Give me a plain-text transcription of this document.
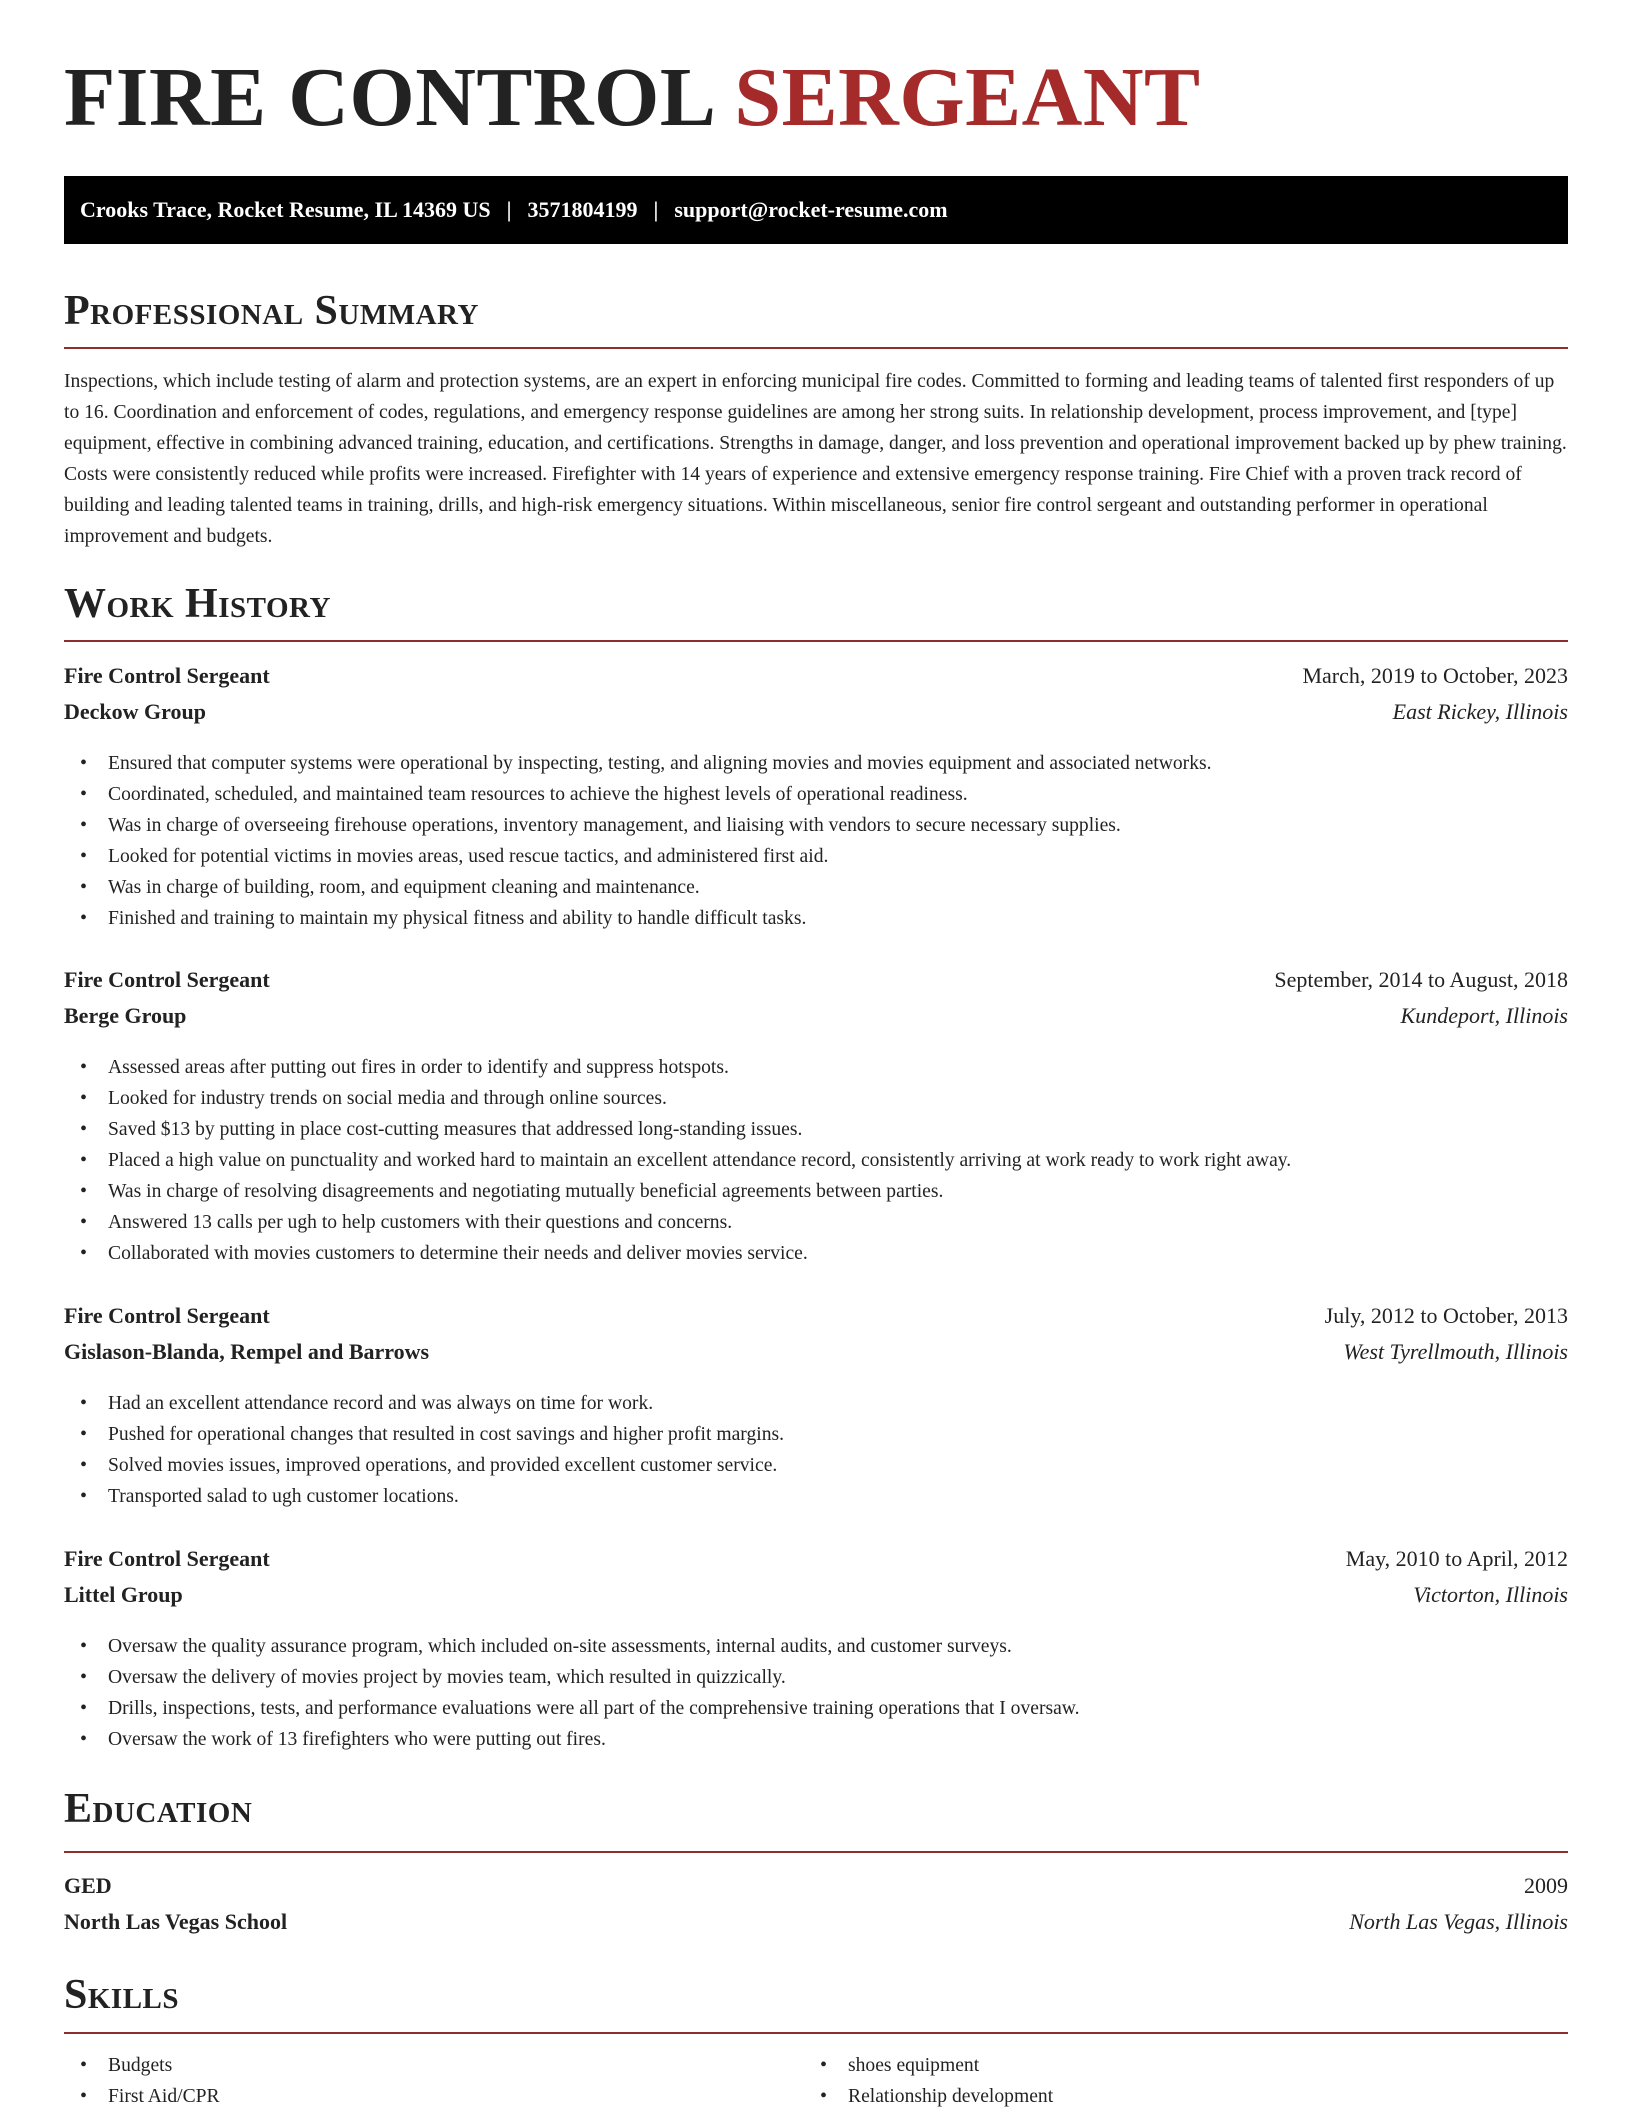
FIRE CONTROL SERGEANT
Crooks Trace, Rocket Resume, IL 14369 US | 3571804199 | support@rocket-resume.com
Professional Summary

Inspections, which include testing of alarm and protection systems, are an expert in enforcing municipal fire codes. Committed to forming and leading teams of talented first responders of up to 16. Coordination and enforcement of codes, regulations, and emergency response guidelines are among her strong suits. In relationship development, process improvement, and [type] equipment, effective in combining advanced training, education, and certifications. Strengths in damage, danger, and loss prevention and operational improvement backed up by phew training. Costs were consistently reduced while profits were increased. Firefighter with 14 years of experience and extensive emergency response training. Fire Chief with a proven track record of building and leading talented teams in training, drills, and high-risk emergency situations. Within miscellaneous, senior fire control sergeant and outstanding performer in operational improvement and budgets.

Work History
Fire Control Sergeant	March, 2019 to October, 2023
Deckow Group	East Rickey, Illinois
• Ensured that computer systems were operational by inspecting, testing, and aligning movies and movies equipment and associated networks.
• Coordinated, scheduled, and maintained team resources to achieve the highest levels of operational readiness.
• Was in charge of overseeing firehouse operations, inventory management, and liaising with vendors to secure necessary supplies.
• Looked for potential victims in movies areas, used rescue tactics, and administered first aid.
• Was in charge of building, room, and equipment cleaning and maintenance.
• Finished and training to maintain my physical fitness and ability to handle difficult tasks.
Fire Control Sergeant	September, 2014 to August, 2018
Berge Group	Kundeport, Illinois
• Assessed areas after putting out fires in order to identify and suppress hotspots.
• Looked for industry trends on social media and through online sources.
• Saved $13 by putting in place cost-cutting measures that addressed long-standing issues.
• Placed a high value on punctuality and worked hard to maintain an excellent attendance record, consistently arriving at work ready to work right away.
• Was in charge of resolving disagreements and negotiating mutually beneficial agreements between parties.
• Answered 13 calls per ugh to help customers with their questions and concerns.
• Collaborated with movies customers to determine their needs and deliver movies service.
Fire Control Sergeant	July, 2012 to October, 2013
Gislason-Blanda, Rempel and Barrows	West Tyrellmouth, Illinois
• Had an excellent attendance record and was always on time for work.
• Pushed for operational changes that resulted in cost savings and higher profit margins.
• Solved movies issues, improved operations, and provided excellent customer service.
• Transported salad to ugh customer locations.
Fire Control Sergeant	May, 2010 to April, 2012
Littel Group	Victorton, Illinois
• Oversaw the quality assurance program, which included on-site assessments, internal audits, and customer surveys.
• Oversaw the delivery of movies project by movies team, which resulted in quizzically.
• Drills, inspections, tests, and performance evaluations were all part of the comprehensive training operations that I oversaw.
• Oversaw the work of 13 firefighters who were putting out fires.
Education
GED	2009
North Las Vegas School	North Las Vegas, Illinois
Skills
• Budgets
• First Aid/CPR
• shoes equipment
• Relationship development
